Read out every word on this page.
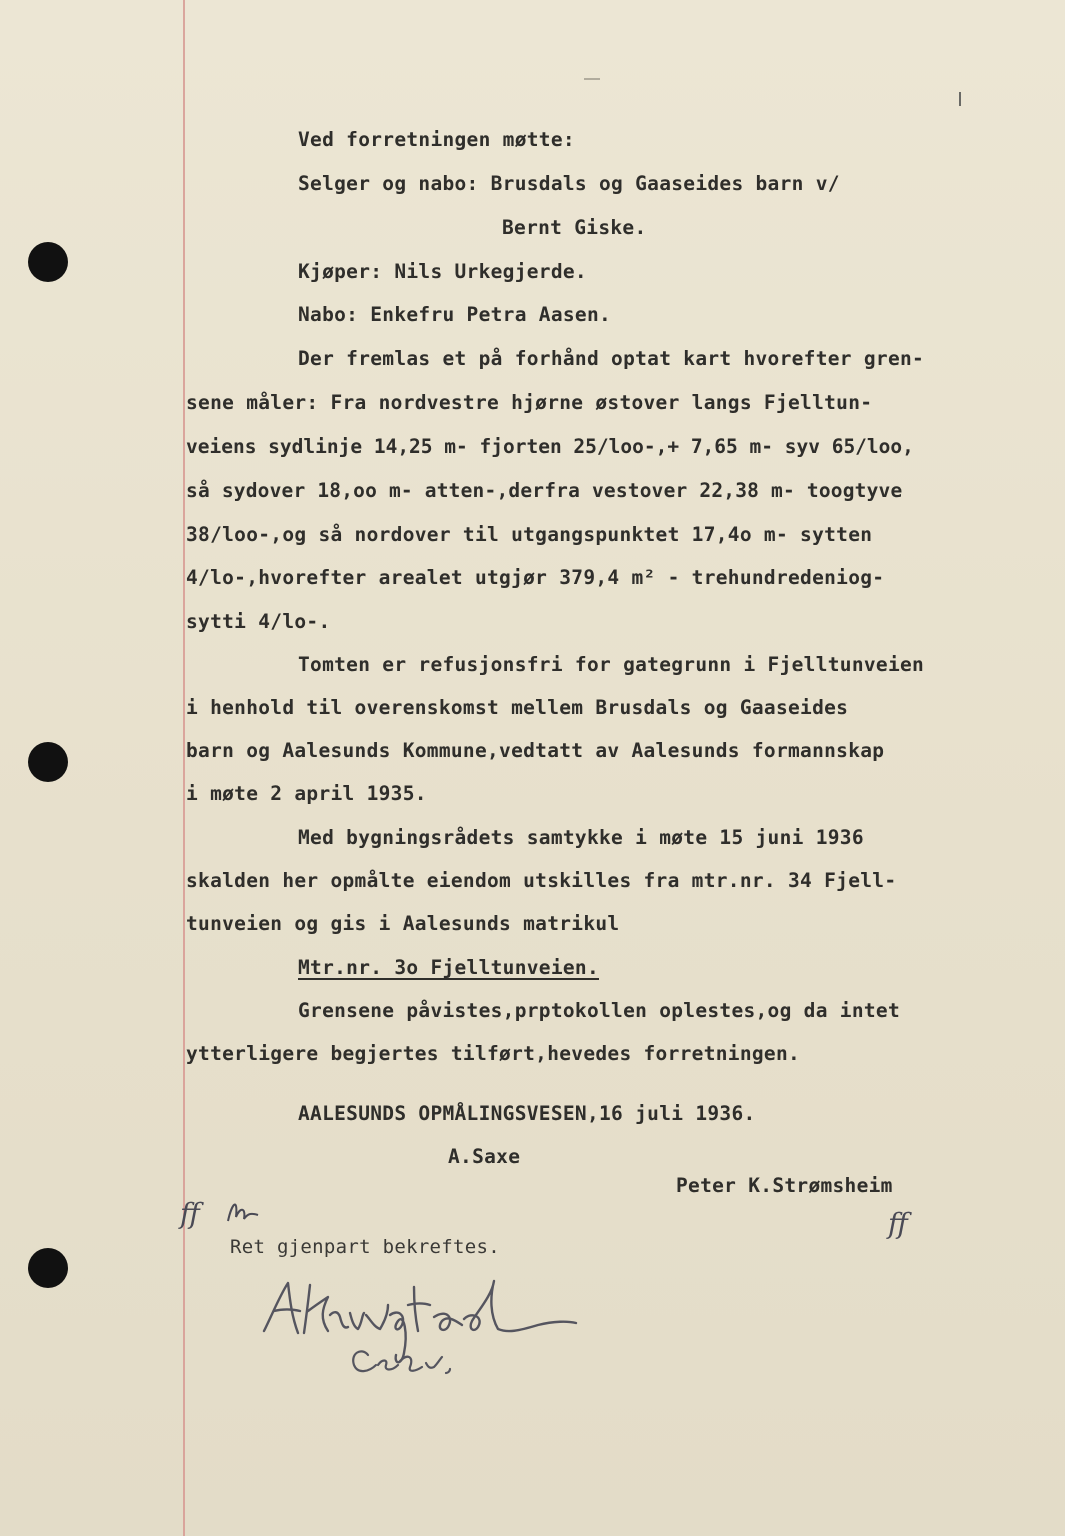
Ved forretningen møtte:
Selger og nabo: Brusdals og Gaaseides barn v/
Bernt Giske.
Kjøper: Nils Urkegjerde.
Nabo: Enkefru Petra Aasen.
Der fremlas et på forhånd optat kart hvorefter gren-
sene måler: Fra nordvestre hjørne østover langs Fjelltun-
veiens sydlinje 14,25 m- fjorten 25/loo-,+ 7,65 m- syv 65/loo,
så sydover 18,oo m- atten-,derfra vestover 22,38 m- toogtyve
38/loo-,og så nordover til utgangspunktet 17,4o m- sytten
4/lo-,hvorefter arealet utgjør 379,4 m² - trehundredeniog-
sytti 4/lo-.
Tomten er refusjonsfri for gategrunn i Fjelltunveien
i henhold til overenskomst mellem Brusdals og Gaaseides
barn og Aalesunds Kommune,vedtatt av Aalesunds formannskap
i møte 2 april 1935.
Med bygningsrådets samtykke i møte 15 juni 1936
skalden her opmålte eiendom utskilles fra mtr.nr. 34 Fjell-
tunveien og gis i Aalesunds matrikul
Mtr.nr. 3o Fjelltunveien.
Grensene påvistes,prptokollen oplestes,og da intet
ytterligere begjertes tilført,hevedes forretningen.
AALESUNDS OPMÅLINGSVESEN,16 juli 1936.
A.Saxe
Peter K.Strømsheim
Ret gjenpart bekreftes.
ff	ff
